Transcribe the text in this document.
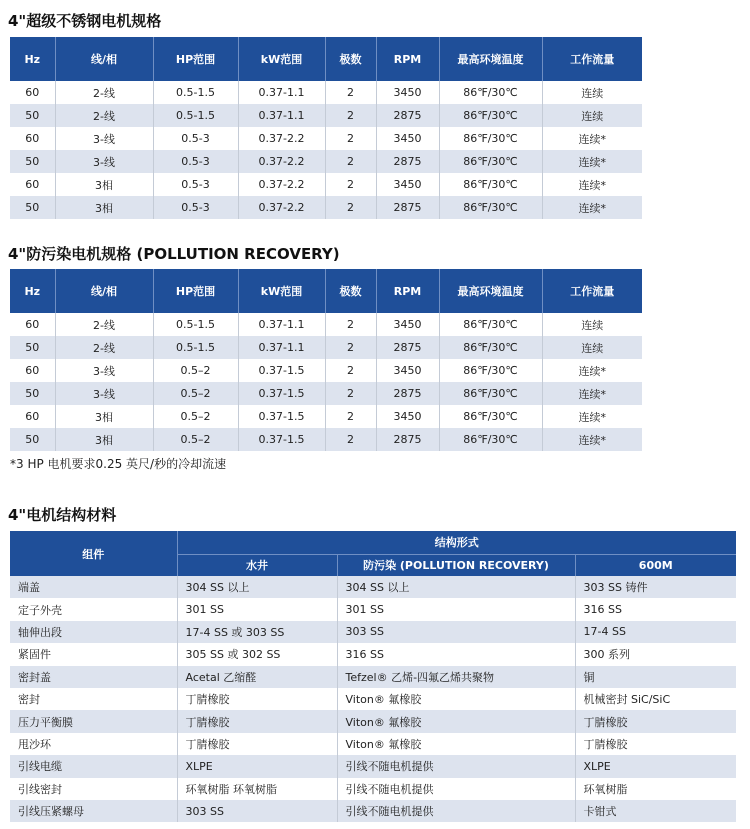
4"超级不锈钢电机规格
Hz	线/相	HP范围	kW范围	极数	RPM	最高环境温度	工作流量
60	2-线	0.5-1.5	0.37-1.1	2	3450	86℉/30℃	连续
50	2-线	0.5-1.5	0.37-1.1	2	2875	86℉/30℃	连续
60	3-线	0.5-3	0.37-2.2	2	3450	86℉/30℃	连续*
50	3-线	0.5-3	0.37-2.2	2	2875	86℉/30℃	连续*
60	3相	0.5-3	0.37-2.2	2	3450	86℉/30℃	连续*
50	3相	0.5-3	0.37-2.2	2	2875	86℉/30℃	连续*
4"防污染电机规格 (POLLUTION RECOVERY)
Hz	线/相	HP范围	kW范围	极数	RPM	最高环境温度	工作流量
60	2-线	0.5-1.5	0.37-1.1	2	3450	86℉/30℃	连续
50	2-线	0.5-1.5	0.37-1.1	2	2875	86℉/30℃	连续
60	3-线	0.5–2	0.37-1.5	2	3450	86℉/30℃	连续*
50	3-线	0.5–2	0.37-1.5	2	2875	86℉/30℃	连续*
60	3相	0.5–2	0.37-1.5	2	3450	86℉/30℃	连续*
50	3相	0.5–2	0.37-1.5	2	2875	86℉/30℃	连续*
*3 HP 电机要求0.25 英尺/秒的冷却流速
4"电机结构材料
组件	结构形式		
	水井	防污染 (POLLUTION RECOVERY)	600M
端盖	304 SS 以上	304 SS 以上	303 SS 铸件
定子外壳	301 SS	301 SS	316 SS
轴伸出段	17-4 SS 或 303 SS	303 SS	17-4 SS
紧固件	305 SS 或 302 SS	316 SS	300 系列
密封盖	Acetal 乙缩醛	Tefzel® 乙烯-四氟乙烯共聚物	铜
密封	丁腈橡胶	Viton® 氟橡胶	机械密封 SiC/SiC
压力平衡膜	丁腈橡胶	Viton® 氟橡胶	丁腈橡胶
甩沙环	丁腈橡胶	Viton® 氟橡胶	丁腈橡胶
引线电缆	XLPE	引线不随电机提供	XLPE
引线密封	环氧树脂 环氧树脂	引线不随电机提供	环氧树脂
引线压紧螺母	303 SS	引线不随电机提供	卡钳式
